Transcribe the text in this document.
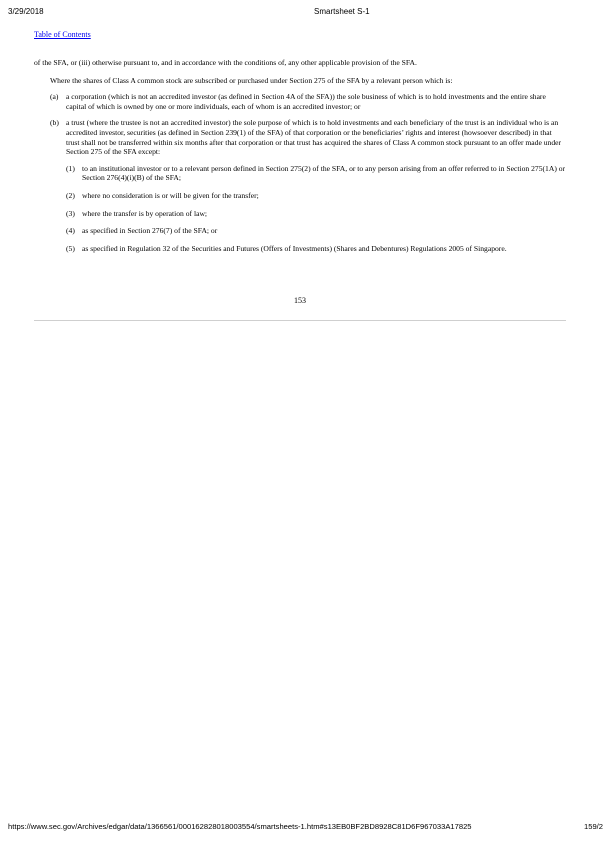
3/29/2018	Smartsheet S-1
Table of Contents

of the SFA, or (iii) otherwise pursuant to, and in accordance with the conditions of, any other applicable provision of the SFA.

Where the shares of Class A common stock are subscribed or purchased under Section 275 of the SFA by a relevant person which is:

(a) a corporation (which is not an accredited investor (as defined in Section 4A of the SFA)) the sole business of which is to hold investments and the entire share capital of which is owned by one or more individuals, each of whom is an accredited investor; or
(b) a trust (where the trustee is not an accredited investor) the sole purpose of which is to hold investments and each beneficiary of the trust is an individual who is an accredited investor, securities (as defined in Section 239(1) of the SFA) of that corporation or the beneficiaries’ rights and interest (howsoever described) in that trust shall not be transferred within six months after that corporation or that trust has acquired the shares of Class A common stock pursuant to an offer made under Section 275 of the SFA except:
(1) to an institutional investor or to a relevant person defined in Section 275(2) of the SFA, or to any person arising from an offer referred to in Section 275(1A) or Section 276(4)(i)(B) of the SFA;
(2) where no consideration is or will be given for the transfer;
(3) where the transfer is by operation of law;
(4) as specified in Section 276(7) of the SFA; or
(5) as specified in Regulation 32 of the Securities and Futures (Offers of Investments) (Shares and Debentures) Regulations 2005 of Singapore.
153
https://www.sec.gov/Archives/edgar/data/1366561/000162828018003554/smartsheets-1.htm#s13EB0BF2BD8928C81D6F967033A17825	159/2
